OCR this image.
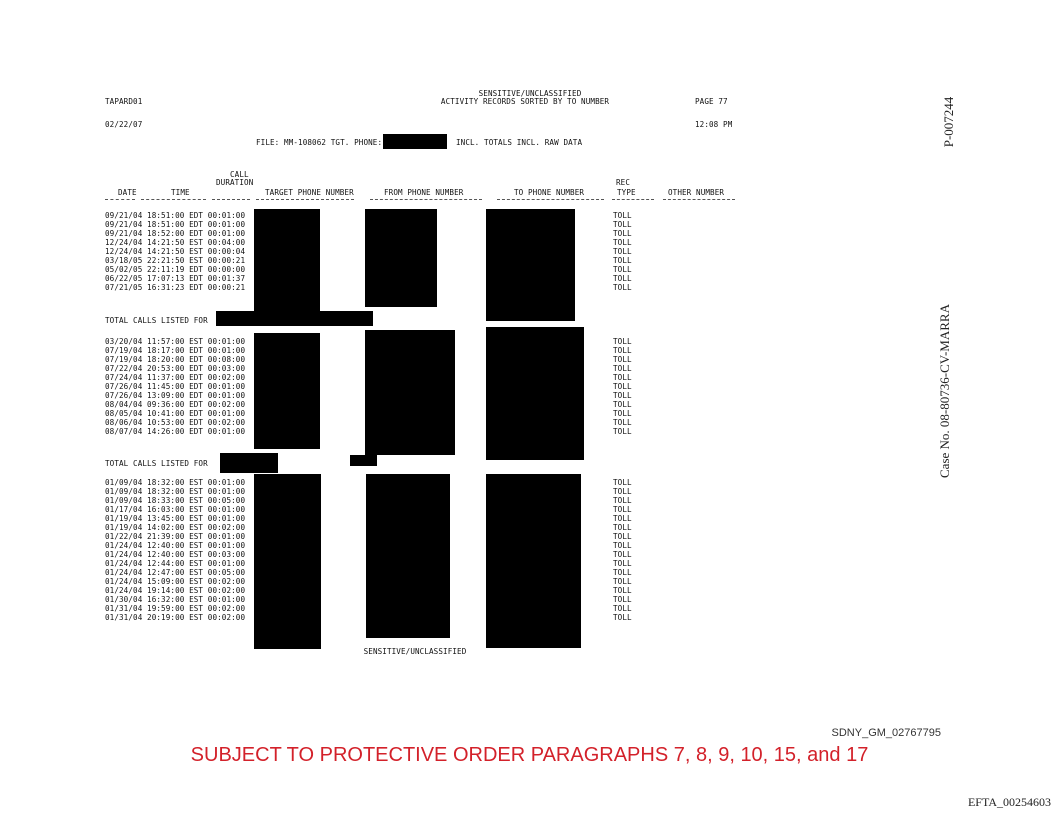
SENSITIVE/UNCLASSIFIED
TAPARD01	ACTIVITY RECORDS SORTED BY TO NUMBER	PAGE 77
02/22/07	12:08 PM
FILE: MM-108062 TGT. PHONE:	INCL. TOTALS INCL. RAW DATA
CALL
DURATION	REC
DATE	TIME	TARGET PHONE NUMBER	FROM PHONE NUMBER	TO PHONE NUMBER	TYPE	OTHER NUMBER
09/21/04 18:51:00 EDT 00:01:00	TOLL
09/21/04 18:51:00 EDT 00:01:00	TOLL
09/21/04 18:52:00 EDT 00:01:00	TOLL
12/24/04 14:21:50 EST 00:04:00	TOLL
12/24/04 14:21:50 EST 00:00:04	TOLL
03/18/05 22:21:50 EST 00:00:21	TOLL
05/02/05 22:11:19 EDT 00:00:00	TOLL
06/22/05 17:07:13 EDT 00:01:37	TOLL
07/21/05 16:31:23 EDT 00:00:21	TOLL
TOTAL CALLS LISTED FOR
03/20/04 11:57:00 EST 00:01:00	TOLL
07/19/04 18:17:00 EDT 00:01:00	TOLL
07/19/04 18:20:00 EDT 00:08:00	TOLL
07/22/04 20:53:00 EDT 00:03:00	TOLL
07/24/04 11:37:00 EDT 00:02:00	TOLL
07/26/04 11:45:00 EDT 00:01:00	TOLL
07/26/04 13:09:00 EDT 00:01:00	TOLL
08/04/04 09:36:00 EDT 00:02:00	TOLL
08/05/04 10:41:00 EDT 00:01:00	TOLL
08/06/04 10:53:00 EDT 00:02:00	TOLL
08/07/04 14:26:00 EDT 00:01:00	TOLL
TOTAL CALLS LISTED FOR
01/09/04 18:32:00 EST 00:01:00	TOLL
01/09/04 18:32:00 EST 00:01:00	TOLL
01/09/04 18:33:00 EST 00:05:00	TOLL
01/17/04 16:03:00 EST 00:01:00	TOLL
01/19/04 13:45:00 EST 00:01:00	TOLL
01/19/04 14:02:00 EST 00:02:00	TOLL
01/22/04 21:39:00 EST 00:01:00	TOLL
01/24/04 12:40:00 EST 00:01:00	TOLL
01/24/04 12:40:00 EST 00:03:00	TOLL
01/24/04 12:44:00 EST 00:01:00	TOLL
01/24/04 12:47:00 EST 00:05:00	TOLL
01/24/04 15:09:00 EST 00:02:00	TOLL
01/24/04 19:14:00 EST 00:02:00	TOLL
01/30/04 16:32:00 EST 00:01:00	TOLL
01/31/04 19:59:00 EST 00:02:00	TOLL
01/31/04 20:19:00 EST 00:02:00	TOLL
SENSITIVE/UNCLASSIFIED
P-007244
Case No. 08-80736-CV-MARRA
SDNY_GM_02767795
SUBJECT TO PROTECTIVE ORDER PARAGRAPHS 7, 8, 9, 10, 15, and 17
EFTA_00254603
